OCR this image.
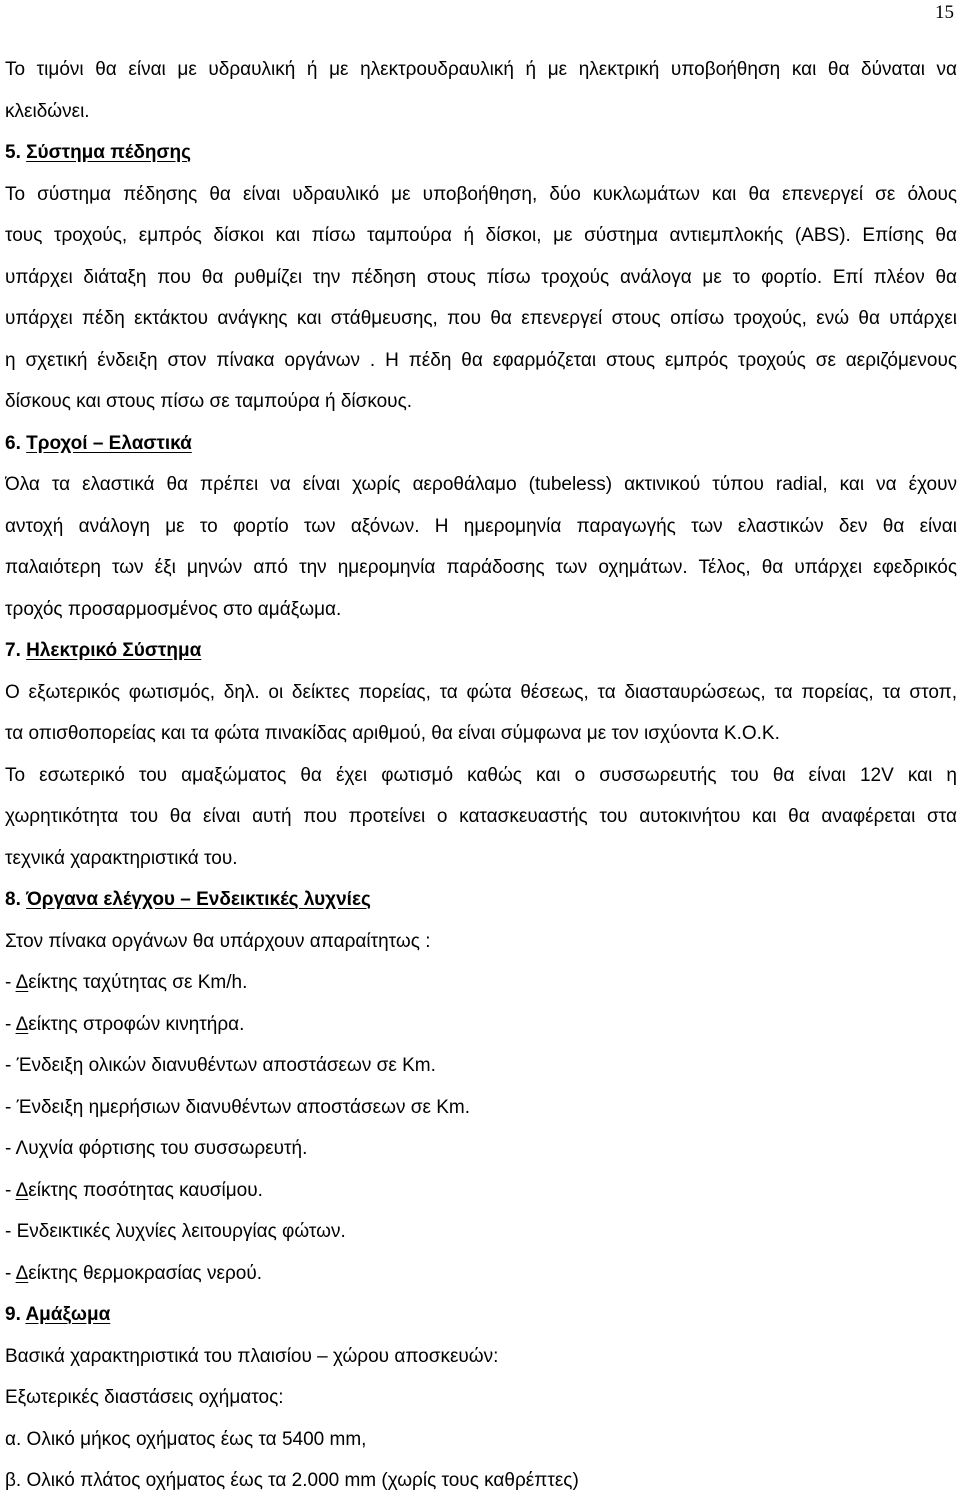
15
Το τιμόνι θα είναι με υδραυλική ή με ηλεκτρουδραυλική ή με ηλεκτρική υποβοήθηση και θα δύναται να
κλειδώνει.
5. Σύστημα πέδησης
Το σύστημα πέδησης θα είναι υδραυλικό με υποβοήθηση, δύο κυκλωμάτων και θα επενεργεί σε όλους
τους τροχούς, εμπρός δίσκοι και πίσω ταμπούρα ή δίσκοι, με σύστημα αντιεμπλοκής (ABS). Επίσης θα
υπάρχει διάταξη που θα ρυθμίζει την πέδηση στους πίσω τροχούς ανάλογα με το φορτίο. Επί πλέον θα
υπάρχει πέδη εκτάκτου ανάγκης και στάθμευσης, που θα επενεργεί στους οπίσω τροχούς, ενώ θα υπάρχει
η σχετική ένδειξη στον πίνακα οργάνων . Η πέδη θα εφαρμόζεται στους εμπρός τροχούς σε αεριζόμενους
δίσκους και στους πίσω σε ταμπούρα ή δίσκους.
6. Τροχοί – Ελαστικά
Όλα τα ελαστικά θα πρέπει να είναι χωρίς αεροθάλαμο (tubeless) ακτινικού τύπου radial, και να έχουν
αντοχή ανάλογη με το φορτίο των αξόνων. Η ημερομηνία παραγωγής των ελαστικών δεν θα είναι
παλαιότερη των έξι μηνών από την ημερομηνία παράδοσης των οχημάτων. Τέλος, θα υπάρχει εφεδρικός
τροχός προσαρμοσμένος στο αμάξωμα.
7. Ηλεκτρικό Σύστημα
Ο εξωτερικός φωτισμός, δηλ. οι δείκτες πορείας, τα φώτα θέσεως, τα διασταυρώσεως, τα πορείας, τα στοπ,
τα οπισθοπορείας και τα φώτα πινακίδας αριθμού, θα είναι σύμφωνα με τον ισχύοντα Κ.Ο.Κ.
Το εσωτερικό του αμαξώματος θα έχει φωτισμό καθώς και ο συσσωρευτής του θα είναι 12V και η
χωρητικότητα του θα είναι αυτή που προτείνει ο κατασκευαστής του αυτοκινήτου και θα αναφέρεται στα
τεχνικά χαρακτηριστικά του.
8. Όργανα ελέγχου – Ενδεικτικές λυχνίες
Στον πίνακα οργάνων θα υπάρχουν απαραίτητως :
- Δείκτης ταχύτητας σε Km/h.
- Δείκτης στροφών κινητήρα.
- Ένδειξη ολικών διανυθέντων αποστάσεων σε Km.
- Ένδειξη ημερήσιων διανυθέντων αποστάσεων σε Km.
- Λυχνία φόρτισης του συσσωρευτή.
- Δείκτης ποσότητας καυσίμου.
- Ενδεικτικές λυχνίες λειτουργίας φώτων.
- Δείκτης θερμοκρασίας νερού.
9. Αμάξωμα
Βασικά χαρακτηριστικά του πλαισίου – χώρου αποσκευών:
Εξωτερικές διαστάσεις οχήματος:
α. Ολικό μήκος οχήματος έως τα 5400 mm,
β. Ολικό πλάτος οχήματος έως τα 2.000 mm (χωρίς τους καθρέπτες)
